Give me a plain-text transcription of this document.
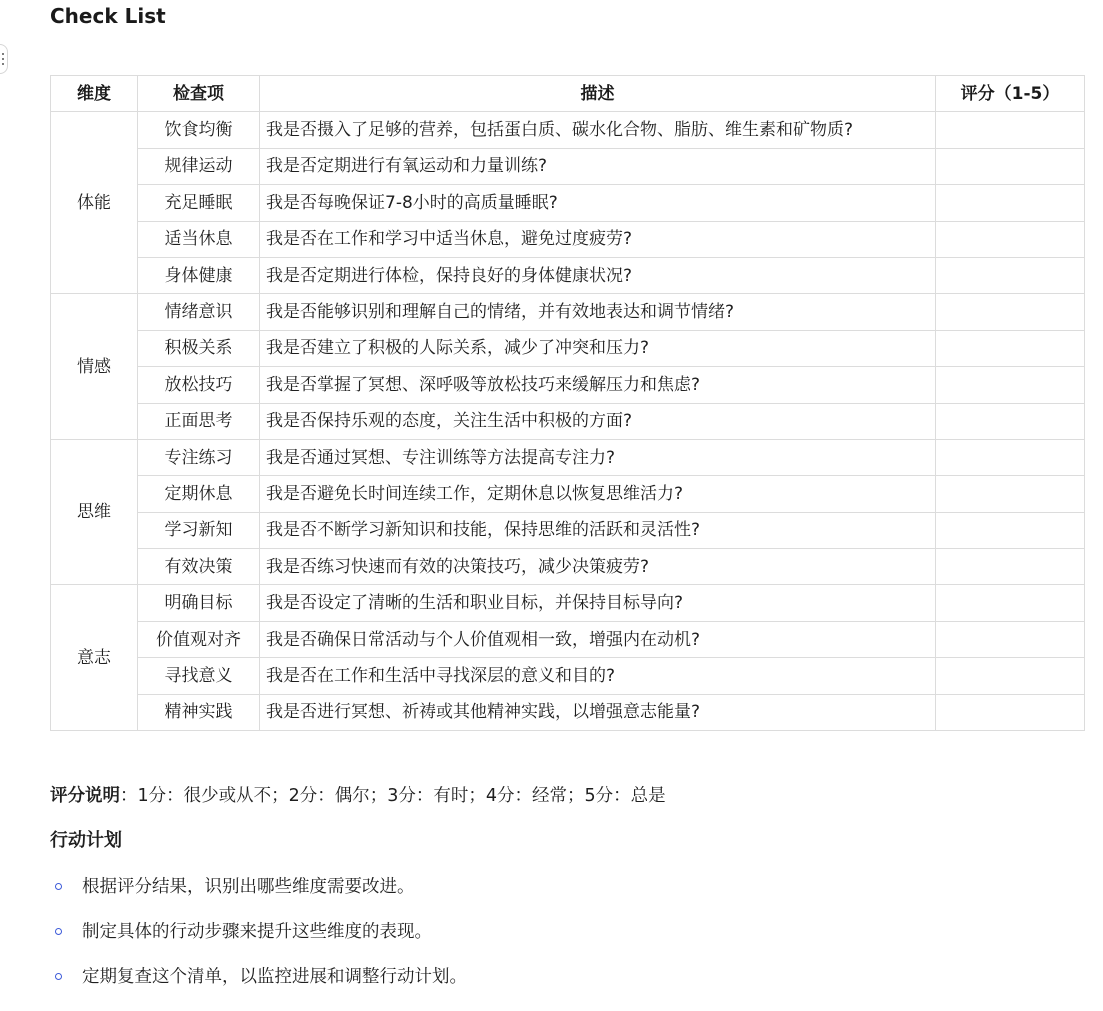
Check List
维度	检查项	描述	评分（1-5）
体能	饮食均衡	我是否摄入了足够的营养，包括蛋白质、碳水化合物、脂肪、维生素和矿物质?	
	规律运动	我是否定期进行有氧运动和力量训练?	
	充足睡眠	我是否每晚保证7-8小时的高质量睡眠?	
	适当休息	我是否在工作和学习中适当休息，避免过度疲劳?	
	身体健康	我是否定期进行体检，保持良好的身体健康状况?	
情感	情绪意识	我是否能够识别和理解自己的情绪，并有效地表达和调节情绪?	
	积极关系	我是否建立了积极的人际关系，减少了冲突和压力?	
	放松技巧	我是否掌握了冥想、深呼吸等放松技巧来缓解压力和焦虑?	
	正面思考	我是否保持乐观的态度，关注生活中积极的方面?	
思维	专注练习	我是否通过冥想、专注训练等方法提高专注力?	
	定期休息	我是否避免长时间连续工作，定期休息以恢复思维活力?	
	学习新知	我是否不断学习新知识和技能，保持思维的活跃和灵活性?	
	有效决策	我是否练习快速而有效的决策技巧，减少决策疲劳?	
意志	明确目标	我是否设定了清晰的生活和职业目标，并保持目标导向?	
	价值观对齐	我是否确保日常活动与个人价值观相一致，增强内在动机?	
	寻找意义	我是否在工作和生活中寻找深层的意义和目的?	
	精神实践	我是否进行冥想、祈祷或其他精神实践，以增强意志能量?	

评分说明：1分：很少或从不；2分：偶尔；3分：有时；4分：经常；5分：总是

行动计划
根据评分结果，识别出哪些维度需要改进。
制定具体的行动步骤来提升这些维度的表现。
定期复查这个清单，以监控进展和调整行动计划。
